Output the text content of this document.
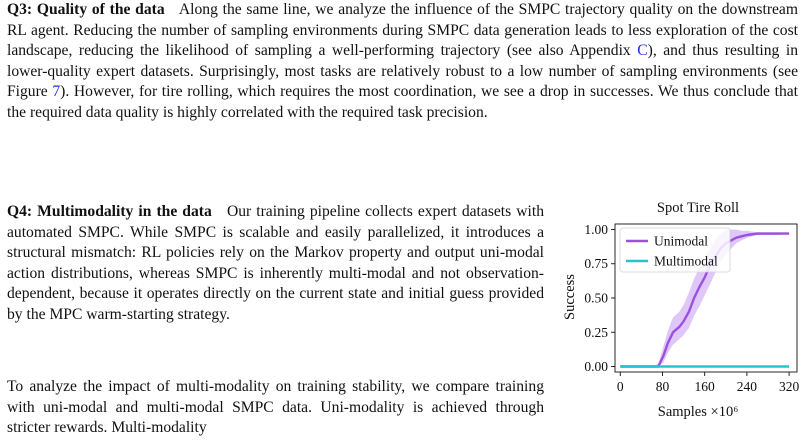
Q3: Quality of the data Along the same line, we analyze the influence of the SMPC trajectory quality on the downstream RL agent. Reducing the number of sampling environments during SMPC data generation leads to less exploration of the cost landscape, reducing the likelihood of sampling a well-performing trajectory (see also Appendix C), and thus resulting in lower-quality expert datasets. Surprisingly, most tasks are relatively robust to a low number of sampling environments (see Figure 7). However, for tire rolling, which requires the most coordination, we see a drop in successes. We thus conclude that the required data quality is highly correlated with the required task precision.

Q4: Multimodality in the data Our training pipeline collects expert datasets with automated SMPC. While SMPC is scalable and easily parallelized, it introduces a structural mismatch: RL policies rely on the Markov property and output uni-modal action distributions, whereas SMPC is inherently multi-modal and not observation-dependent, because it operates directly on the current state and initial guess provided by the MPC warm-starting strategy.

To analyze the impact of multi-modality on training stability, we compare training with uni-modal and multi-modal SMPC data. Uni-modality is achieved through stricter rewards. Multi-modality

Spot Tire Roll
Success
Samples ×10⁶
0 80 160 240 320
0.00
0.25
0.50
0.75
1.00
Unimodal
Multimodal
